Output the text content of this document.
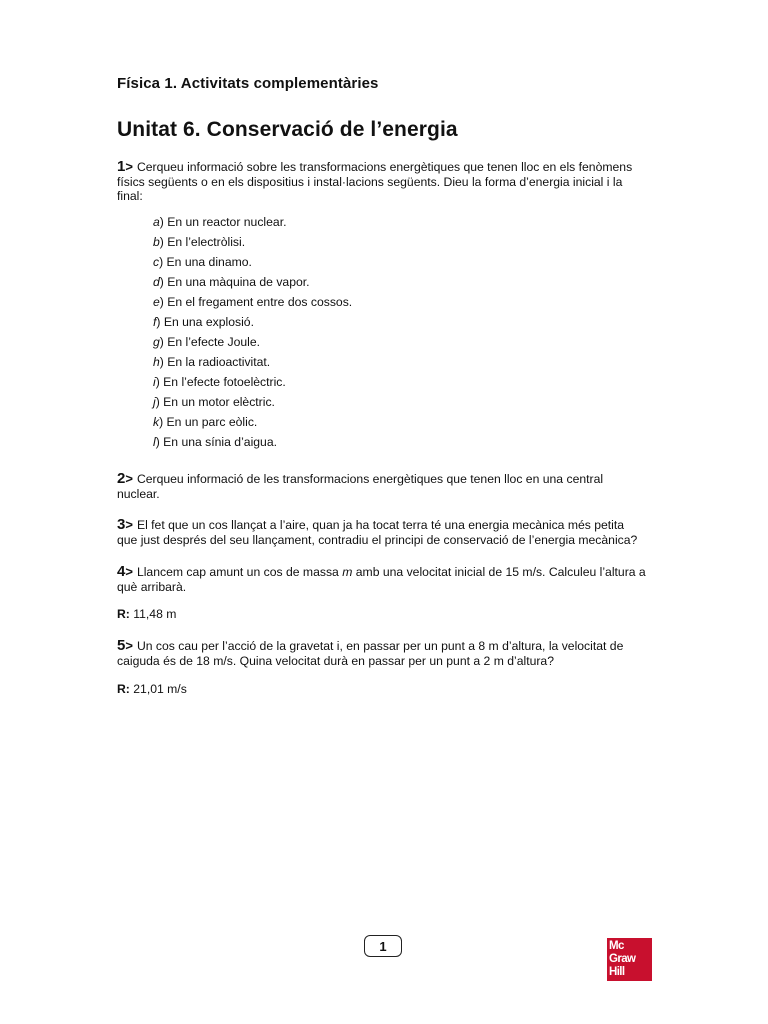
Física 1. Activitats complementàries
Unitat 6. Conservació de l’energia
1> Cerqueu informació sobre les transformacions energètiques que tenen lloc en els fenòmens físics següents o en els dispositius i instal·lacions següents. Dieu la forma d’energia inicial i la final:
a) En un reactor nuclear.
b) En l’electròlisi.
c) En una dinamo.
d) En una màquina de vapor.
e) En el fregament entre dos cossos.
f) En una explosió.
g) En l’efecte Joule.
h) En la radioactivitat.
i) En l’efecte fotoelèctric.
j) En un motor elèctric.
k) En un parc eòlic.
l) En una sínia d’aigua.
2> Cerqueu informació de les transformacions energètiques que tenen lloc en una central nuclear.
3> El fet que un cos llançat a l’aire, quan ja ha tocat terra té una energia mecànica més petita que just després del seu llançament, contradiu el principi de conservació de l’energia mecànica?
4> Llancem cap amunt un cos de massa m amb una velocitat inicial de 15 m/s. Calculeu l’altura a què arribarà.
R: 11,48 m
5> Un cos cau per l’acció de la gravetat i, en passar per un punt a 8 m d’altura, la velocitat de caiguda és de 18 m/s. Quina velocitat durà en passar per un punt a 2 m d’altura?
R: 21,01 m/s
1	Mc
Graw
Hill
